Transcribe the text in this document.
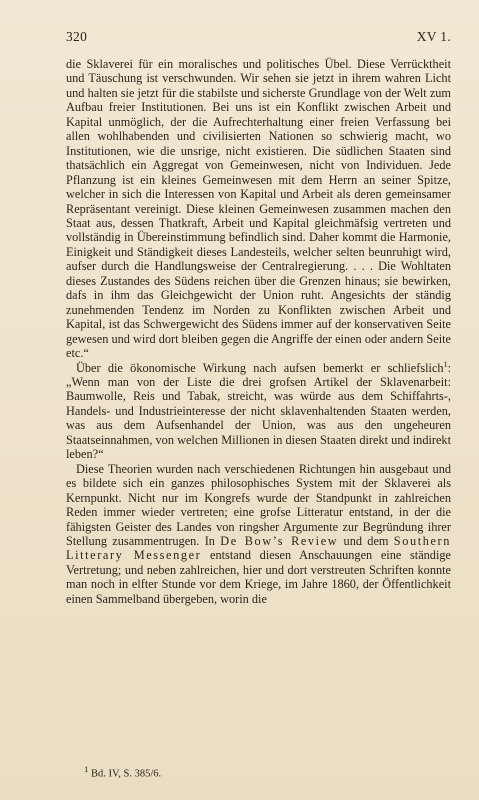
320	XV 1.

die Sklaverei für ein moralisches und politisches Übel. Diese Verrücktheit und Täuschung ist verschwunden. Wir sehen sie jetzt in ihrem wahren Licht und halten sie jetzt für die stabilste und sicherste Grundlage von der Welt zum Aufbau freier Institutionen. Bei uns ist ein Konflikt zwischen Arbeit und Kapital unmöglich, der die Aufrechterhaltung einer freien Verfassung bei allen wohlhabenden und civilisierten Nationen so schwierig macht, wo Institutionen, wie die unsrige, nicht existieren. Die südlichen Staaten sind thatsächlich ein Aggregat von Gemeinwesen, nicht von Individuen. Jede Pflanzung ist ein kleines Gemeinwesen mit dem Herrn an seiner Spitze, welcher in sich die Interessen von Kapital und Arbeit als deren gemeinsamer Repräsentant vereinigt. Diese kleinen Gemeinwesen zusammen machen den Staat aus, dessen Thatkraft, Arbeit und Kapital gleichmäfsig vertreten und vollständig in Übereinstimmung befindlich sind. Daher kommt die Harmonie, Einigkeit und Ständigkeit dieses Landesteils, welcher selten beunruhigt wird, aufser durch die Handlungsweise der Centralregierung. . . . Die Wohltaten dieses Zustandes des Südens reichen über die Grenzen hinaus; sie bewirken, dafs in ihm das Gleichgewicht der Union ruht. Angesichts der ständig zunehmenden Tendenz im Norden zu Konflikten zwischen Arbeit und Kapital, ist das Schwergewicht des Südens immer auf der konservativen Seite gewesen und wird dort bleiben gegen die Angriffe der einen oder andern Seite etc.“

Über die ökonomische Wirkung nach aufsen bemerkt er schliefslich$^1$: „Wenn man von der Liste die drei grofsen Artikel der Sklavenarbeit: Baumwolle, Reis und Tabak, streicht, was würde aus dem Schiffahrts-, Handels- und Industrieinteresse der nicht sklavenhaltenden Staaten werden, was aus dem Aufsenhandel der Union, was aus den ungeheuren Staatseinnahmen, von welchen Millionen in diesen Staaten direkt und indirekt leben?“

Diese Theorien wurden nach verschiedenen Richtungen hin ausgebaut und es bildete sich ein ganzes philosophisches System mit der Sklaverei als Kernpunkt. Nicht nur im Kongrefs wurde der Standpunkt in zahlreichen Reden immer wieder vertreten; eine grofse Litteratur entstand, in der die fähigsten Geister des Landes von ringsher Argumente zur Begründung ihrer Stellung zusammentrugen. In De Bow’s Review und dem Southern Litterary Messenger entstand diesen Anschauungen eine ständige Vertretung; und neben zahlreichen, hier und dort verstreuten Schriften konnte man noch in elfter Stunde vor dem Kriege, im Jahre 1860, der Öffentlichkeit einen Sammelband übergeben, worin die

$^1$ Bd. IV, S. 385/6.
